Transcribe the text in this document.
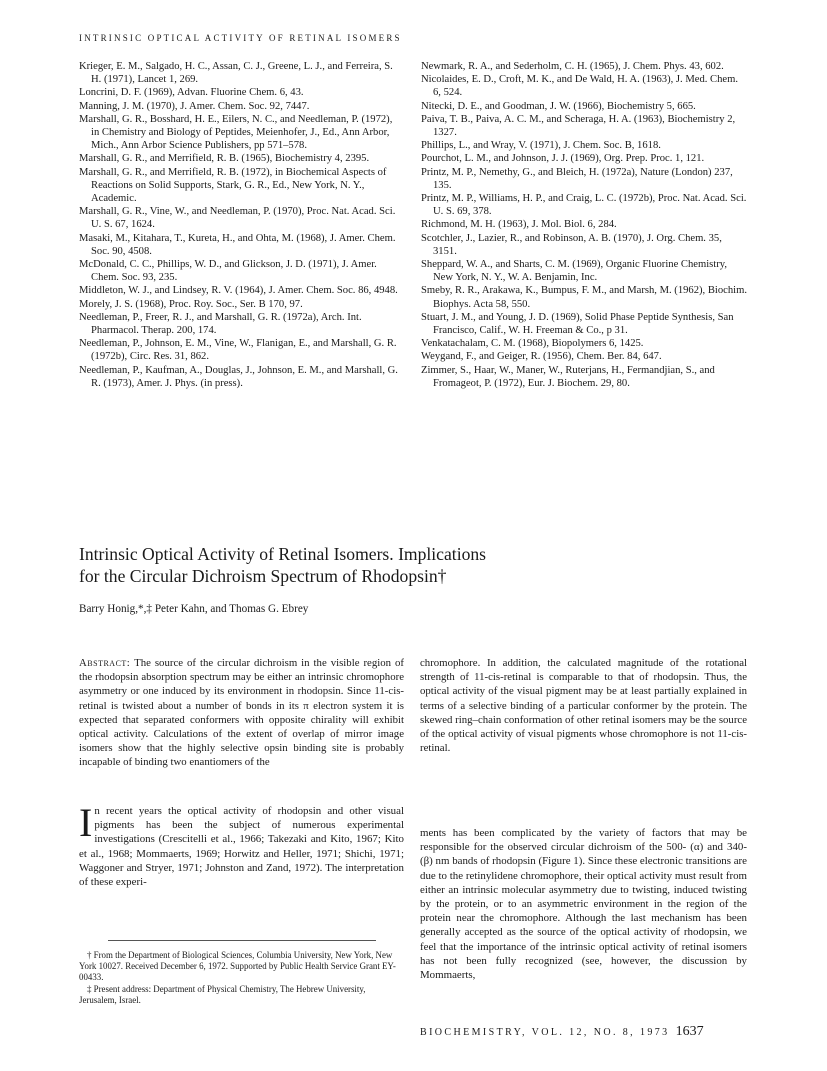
INTRINSIC OPTICAL ACTIVITY OF RETINAL ISOMERS

Krieger, E. M., Salgado, H. C., Assan, C. J., Greene, L. J., and Ferreira, S. H. (1971), Lancet 1, 269.

Loncrini, D. F. (1969), Advan. Fluorine Chem. 6, 43.

Manning, J. M. (1970), J. Amer. Chem. Soc. 92, 7447.

Marshall, G. R., Bosshard, H. E., Eilers, N. C., and Needleman, P. (1972), in Chemistry and Biology of Peptides, Meienhofer, J., Ed., Ann Arbor, Mich., Ann Arbor Science Publishers, pp 571–578.

Marshall, G. R., and Merrifield, R. B. (1965), Biochemistry 4, 2395.

Marshall, G. R., and Merrifield, R. B. (1972), in Biochemical Aspects of Reactions on Solid Supports, Stark, G. R., Ed., New York, N. Y., Academic.

Marshall, G. R., Vine, W., and Needleman, P. (1970), Proc. Nat. Acad. Sci. U. S. 67, 1624.

Masaki, M., Kitahara, T., Kureta, H., and Ohta, M. (1968), J. Amer. Chem. Soc. 90, 4508.

McDonald, C. C., Phillips, W. D., and Glickson, J. D. (1971), J. Amer. Chem. Soc. 93, 235.

Middleton, W. J., and Lindsey, R. V. (1964), J. Amer. Chem. Soc. 86, 4948.

Morely, J. S. (1968), Proc. Roy. Soc., Ser. B 170, 97.

Needleman, P., Freer, R. J., and Marshall, G. R. (1972a), Arch. Int. Pharmacol. Therap. 200, 174.

Needleman, P., Johnson, E. M., Vine, W., Flanigan, E., and Marshall, G. R. (1972b), Circ. Res. 31, 862.

Needleman, P., Kaufman, A., Douglas, J., Johnson, E. M., and Marshall, G. R. (1973), Amer. J. Phys. (in press).

Newmark, R. A., and Sederholm, C. H. (1965), J. Chem. Phys. 43, 602.

Nicolaides, E. D., Croft, M. K., and De Wald, H. A. (1963), J. Med. Chem. 6, 524.

Nitecki, D. E., and Goodman, J. W. (1966), Biochemistry 5, 665.

Paiva, T. B., Paiva, A. C. M., and Scheraga, H. A. (1963), Biochemistry 2, 1327.

Phillips, L., and Wray, V. (1971), J. Chem. Soc. B, 1618.

Pourchot, L. M., and Johnson, J. J. (1969), Org. Prep. Proc. 1, 121.

Printz, M. P., Nemethy, G., and Bleich, H. (1972a), Nature (London) 237, 135.

Printz, M. P., Williams, H. P., and Craig, L. C. (1972b), Proc. Nat. Acad. Sci. U. S. 69, 378.

Richmond, M. H. (1963), J. Mol. Biol. 6, 284.

Scotchler, J., Lazier, R., and Robinson, A. B. (1970), J. Org. Chem. 35, 3151.

Sheppard, W. A., and Sharts, C. M. (1969), Organic Fluorine Chemistry, New York, N. Y., W. A. Benjamin, Inc.

Smeby, R. R., Arakawa, K., Bumpus, F. M., and Marsh, M. (1962), Biochim. Biophys. Acta 58, 550.

Stuart, J. M., and Young, J. D. (1969), Solid Phase Peptide Synthesis, San Francisco, Calif., W. H. Freeman & Co., p 31.

Venkatachalam, C. M. (1968), Biopolymers 6, 1425.

Weygand, F., and Geiger, R. (1956), Chem. Ber. 84, 647.

Zimmer, S., Haar, W., Maner, W., Ruterjans, H., Fermandjian, S., and Fromageot, P. (1972), Eur. J. Biochem. 29, 80.

Intrinsic Optical Activity of Retinal Isomers. Implications
for the Circular Dichroism Spectrum of Rhodopsin†
Barry Honig,*,‡ Peter Kahn, and Thomas G. Ebrey
Abstract: The source of the circular dichroism in the visible region of the rhodopsin absorption spectrum may be either an intrinsic chromophore asymmetry or one induced by its environment in rhodopsin. Since 11-cis-retinal is twisted about a number of bonds in its π electron system it is expected that separated conformers with opposite chirality will exhibit optical activity. Calculations of the extent of overlap of mirror image isomers show that the highly selective opsin binding site is probably incapable of binding two enantiomers of the
chromophore. In addition, the calculated magnitude of the rotational strength of 11-cis-retinal is comparable to that of rhodopsin. Thus, the optical activity of the visual pigment may be at least partially explained in terms of a selective binding of a particular conformer by the protein. The skewed ring–chain conformation of other retinal isomers may be the source of the optical activity of visual pigments whose chromophore is not 11-cis-retinal.
In recent years the optical activity of rhodopsin and other visual pigments has been the subject of numerous experimental investigations (Crescitelli et al., 1966; Takezaki and Kito, 1967; Kito et al., 1968; Mommaerts, 1969; Horwitz and Heller, 1971; Shichi, 1971; Waggoner and Stryer, 1971; Johnston and Zand, 1972). The interpretation of these experi-
ments has been complicated by the variety of factors that may be responsible for the observed circular dichroism of the 500- (α) and 340- (β) nm bands of rhodopsin (Figure 1). Since these electronic transitions are due to the retinylidene chromophore, their optical activity must result from either an intrinsic molecular asymmetry due to twisting, induced twisting by the protein, or to an asymmetric environment in the region of the protein near the chromophore. Although the last mechanism has been generally accepted as the source of the optical activity of rhodopsin, we feel that the importance of the intrinsic optical activity of retinal isomers has not been fully recognized (see, however, the discussion by Mommaerts,

† From the Department of Biological Sciences, Columbia University, New York, New York 10027. Received December 6, 1972. Supported by Public Health Service Grant EY-00433.

‡ Present address: Department of Physical Chemistry, The Hebrew University, Jerusalem, Israel.

BIOCHEMISTRY, VOL. 12, NO. 8, 1973 1637
